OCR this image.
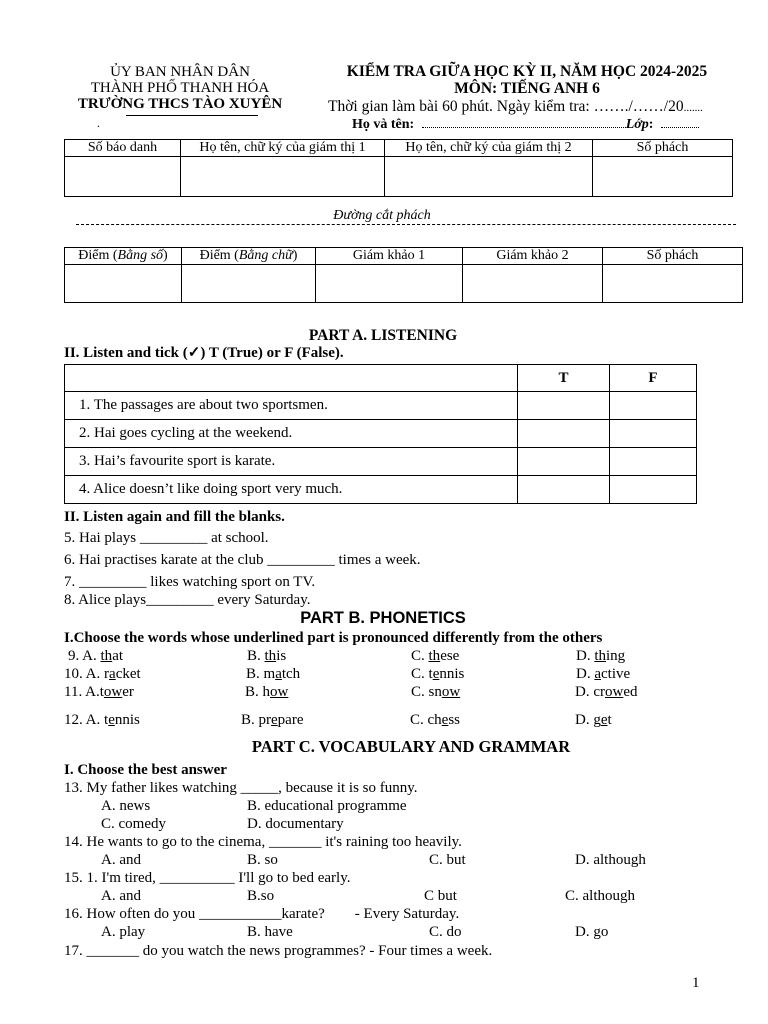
ỦY BAN NHÂN DÂN
THÀNH PHỐ THANH HÓA
TRƯỜNG THCS TÀO XUYÊN
.
KIỂM TRA GIỮA HỌC KỲ II, NĂM HỌC 2024-2025
MÔN: TIẾNG ANH 6
Thời gian làm bài 60 phút. Ngày kiểm tra: ……./……/20.......
Họ và tên:	Lớp:
Số báo danh	Họ tên, chữ ký của giám thị 1	Họ tên, chữ ký của giám thị 2	Số phách

Đường cắt phách
Điểm (Bằng số)	Điểm (Bằng chữ)	Giám khảo 1	Giám khảo 2	Số phách

PART A. LISTENING
II. Listen and tick (✓) T (True) or F (False).
	T	F
1. The passages are about two sportsmen.		
2. Hai goes cycling at the weekend.		
3. Hai’s favourite sport is karate.		
4. Alice doesn’t like doing sport very much.		
II. Listen again and fill the blanks.
5. Hai plays _________ at school.
6. Hai practises karate at the club _________ times a week.
7. _________ likes watching sport on TV.
8. Alice plays_________ every Saturday.
PART B. PHONETICS
I.Choose the words whose underlined part is pronounced differently from the others
9. A. that	B. this	C. these	D. thing
10. A. racket	B. match	C. tennis	D. active
11. A.tower	B. how	C. snow	D. crowed
12. A. tennis	B. prepare	C. chess	D. get
PART C. VOCABULARY AND GRAMMAR
I. Choose the best answer
13. My father likes watching _____, because it is so funny.
A. news	B. educational programme
C. comedy	D. documentary
14. He wants to go to the cinema, _______ it's raining too heavily.
A. and	B. so	C. but	D. although
15. 1. I'm tired, __________ I'll go to bed early.
A. and	B.so	C but	C. although
16. How often do you ___________karate? - Every Saturday.
A. play	B. have	C. do	D. go
17. _______ do you watch the news programmes? - Four times a week.
1
